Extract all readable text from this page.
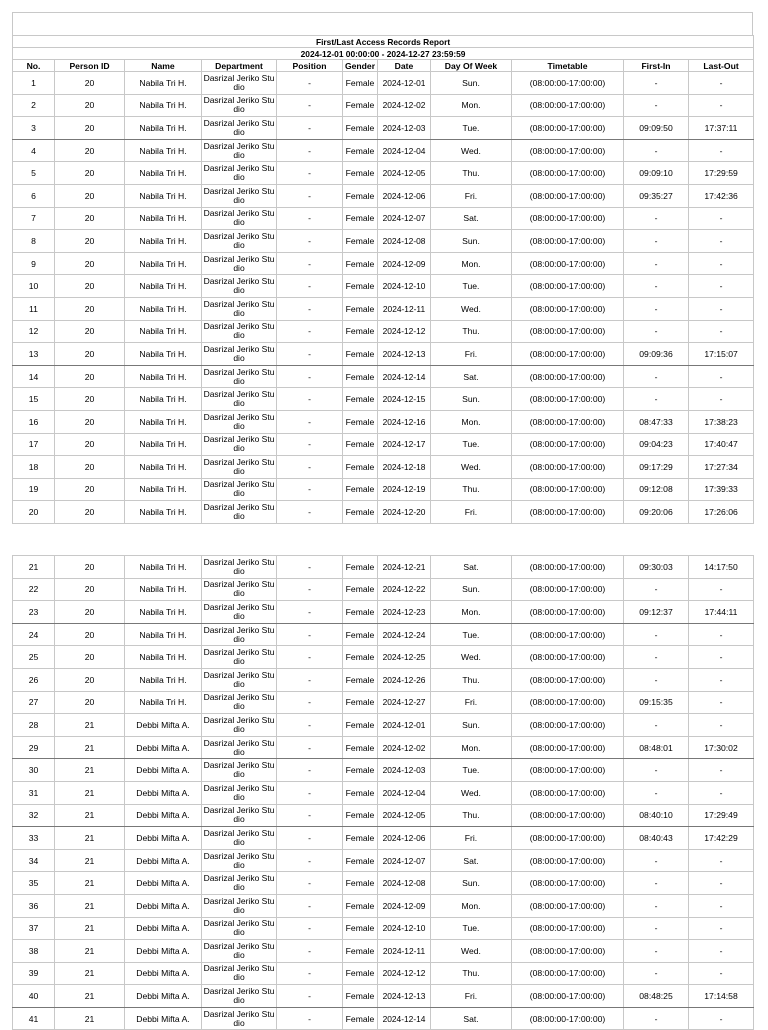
First/Last Access Records Report										
2024-12-01 00:00:00 - 2024-12-27 23:59:59										
No.	Person ID	Name	Department	Position	Gender	Date	Day Of Week	Timetable	First-In	Last-Out
1	20	Nabila Tri H.	Dasrizal Jeriko Studio	-	Female	2024-12-01	Sun.	(08:00:00-17:00:00)	-	-
2	20	Nabila Tri H.	Dasrizal Jeriko Studio	-	Female	2024-12-02	Mon.	(08:00:00-17:00:00)	-	-
3	20	Nabila Tri H.	Dasrizal Jeriko Studio	-	Female	2024-12-03	Tue.	(08:00:00-17:00:00)	09:09:50	17:37:11
4	20	Nabila Tri H.	Dasrizal Jeriko Studio	-	Female	2024-12-04	Wed.	(08:00:00-17:00:00)	-	-
5	20	Nabila Tri H.	Dasrizal Jeriko Studio	-	Female	2024-12-05	Thu.	(08:00:00-17:00:00)	09:09:10	17:29:59
6	20	Nabila Tri H.	Dasrizal Jeriko Studio	-	Female	2024-12-06	Fri.	(08:00:00-17:00:00)	09:35:27	17:42:36
7	20	Nabila Tri H.	Dasrizal Jeriko Studio	-	Female	2024-12-07	Sat.	(08:00:00-17:00:00)	-	-
8	20	Nabila Tri H.	Dasrizal Jeriko Studio	-	Female	2024-12-08	Sun.	(08:00:00-17:00:00)	-	-
9	20	Nabila Tri H.	Dasrizal Jeriko Studio	-	Female	2024-12-09	Mon.	(08:00:00-17:00:00)	-	-
10	20	Nabila Tri H.	Dasrizal Jeriko Studio	-	Female	2024-12-10	Tue.	(08:00:00-17:00:00)	-	-
11	20	Nabila Tri H.	Dasrizal Jeriko Studio	-	Female	2024-12-11	Wed.	(08:00:00-17:00:00)	-	-
12	20	Nabila Tri H.	Dasrizal Jeriko Studio	-	Female	2024-12-12	Thu.	(08:00:00-17:00:00)	-	-
13	20	Nabila Tri H.	Dasrizal Jeriko Studio	-	Female	2024-12-13	Fri.	(08:00:00-17:00:00)	09:09:36	17:15:07
14	20	Nabila Tri H.	Dasrizal Jeriko Studio	-	Female	2024-12-14	Sat.	(08:00:00-17:00:00)	-	-
15	20	Nabila Tri H.	Dasrizal Jeriko Studio	-	Female	2024-12-15	Sun.	(08:00:00-17:00:00)	-	-
16	20	Nabila Tri H.	Dasrizal Jeriko Studio	-	Female	2024-12-16	Mon.	(08:00:00-17:00:00)	08:47:33	17:38:23
17	20	Nabila Tri H.	Dasrizal Jeriko Studio	-	Female	2024-12-17	Tue.	(08:00:00-17:00:00)	09:04:23	17:40:47
18	20	Nabila Tri H.	Dasrizal Jeriko Studio	-	Female	2024-12-18	Wed.	(08:00:00-17:00:00)	09:17:29	17:27:34
19	20	Nabila Tri H.	Dasrizal Jeriko Studio	-	Female	2024-12-19	Thu.	(08:00:00-17:00:00)	09:12:08	17:39:33
20	20	Nabila Tri H.	Dasrizal Jeriko Studio	-	Female	2024-12-20	Fri.	(08:00:00-17:00:00)	09:20:06	17:26:06
21	20	Nabila Tri H.	Dasrizal Jeriko Studio	-	Female	2024-12-21	Sat.	(08:00:00-17:00:00)	09:30:03	14:17:50
22	20	Nabila Tri H.	Dasrizal Jeriko Studio	-	Female	2024-12-22	Sun.	(08:00:00-17:00:00)	-	-
23	20	Nabila Tri H.	Dasrizal Jeriko Studio	-	Female	2024-12-23	Mon.	(08:00:00-17:00:00)	09:12:37	17:44:11
24	20	Nabila Tri H.	Dasrizal Jeriko Studio	-	Female	2024-12-24	Tue.	(08:00:00-17:00:00)	-	-
25	20	Nabila Tri H.	Dasrizal Jeriko Studio	-	Female	2024-12-25	Wed.	(08:00:00-17:00:00)	-	-
26	20	Nabila Tri H.	Dasrizal Jeriko Studio	-	Female	2024-12-26	Thu.	(08:00:00-17:00:00)	-	-
27	20	Nabila Tri H.	Dasrizal Jeriko Studio	-	Female	2024-12-27	Fri.	(08:00:00-17:00:00)	09:15:35	-
28	21	Debbi Mifta A.	Dasrizal Jeriko Studio	-	Female	2024-12-01	Sun.	(08:00:00-17:00:00)	-	-
29	21	Debbi Mifta A.	Dasrizal Jeriko Studio	-	Female	2024-12-02	Mon.	(08:00:00-17:00:00)	08:48:01	17:30:02
30	21	Debbi Mifta A.	Dasrizal Jeriko Studio	-	Female	2024-12-03	Tue.	(08:00:00-17:00:00)	-	-
31	21	Debbi Mifta A.	Dasrizal Jeriko Studio	-	Female	2024-12-04	Wed.	(08:00:00-17:00:00)	-	-
32	21	Debbi Mifta A.	Dasrizal Jeriko Studio	-	Female	2024-12-05	Thu.	(08:00:00-17:00:00)	08:40:10	17:29:49
33	21	Debbi Mifta A.	Dasrizal Jeriko Studio	-	Female	2024-12-06	Fri.	(08:00:00-17:00:00)	08:40:43	17:42:29
34	21	Debbi Mifta A.	Dasrizal Jeriko Studio	-	Female	2024-12-07	Sat.	(08:00:00-17:00:00)	-	-
35	21	Debbi Mifta A.	Dasrizal Jeriko Studio	-	Female	2024-12-08	Sun.	(08:00:00-17:00:00)	-	-
36	21	Debbi Mifta A.	Dasrizal Jeriko Studio	-	Female	2024-12-09	Mon.	(08:00:00-17:00:00)	-	-
37	21	Debbi Mifta A.	Dasrizal Jeriko Studio	-	Female	2024-12-10	Tue.	(08:00:00-17:00:00)	-	-
38	21	Debbi Mifta A.	Dasrizal Jeriko Studio	-	Female	2024-12-11	Wed.	(08:00:00-17:00:00)	-	-
39	21	Debbi Mifta A.	Dasrizal Jeriko Studio	-	Female	2024-12-12	Thu.	(08:00:00-17:00:00)	-	-
40	21	Debbi Mifta A.	Dasrizal Jeriko Studio	-	Female	2024-12-13	Fri.	(08:00:00-17:00:00)	08:48:25	17:14:58
41	21	Debbi Mifta A.	Dasrizal Jeriko Studio	-	Female	2024-12-14	Sat.	(08:00:00-17:00:00)	-	-
